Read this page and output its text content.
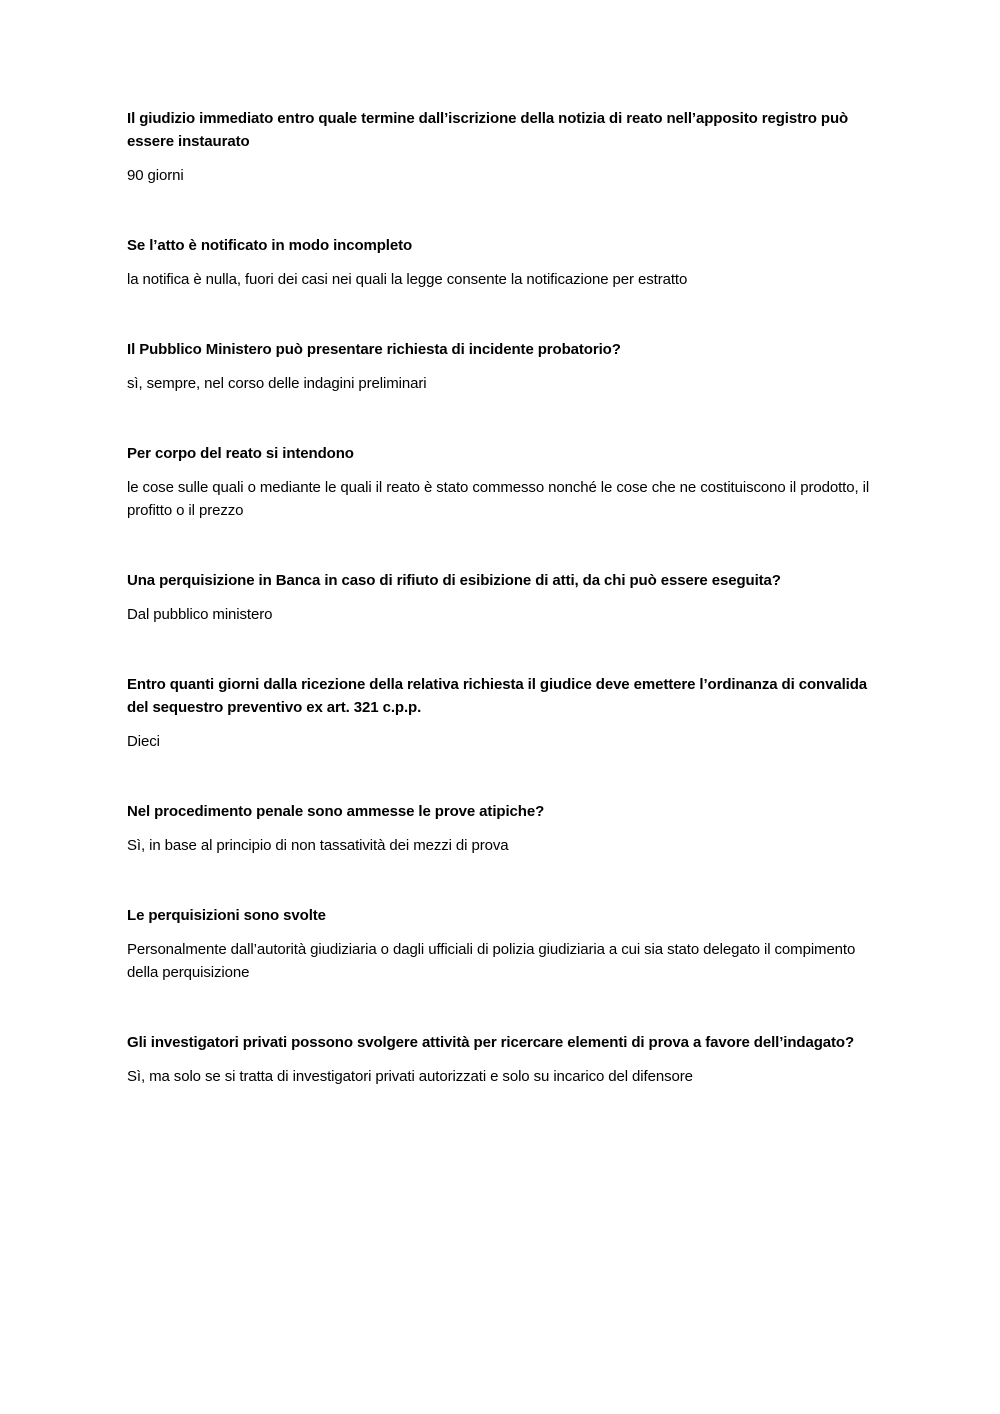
Il giudizio immediato entro quale termine dall’iscrizione della notizia di reato nell’apposito registro può essere instaurato

90 giorni

Se l’atto è notificato in modo incompleto

la notifica è nulla, fuori dei casi nei quali la legge consente la notificazione per estratto

Il Pubblico Ministero può presentare richiesta di incidente probatorio?

sì, sempre, nel corso delle indagini preliminari

Per corpo del reato si intendono

le cose sulle quali o mediante le quali il reato è stato commesso nonché le cose che ne costituiscono il prodotto, il profitto o il prezzo

Una perquisizione in Banca in caso di rifiuto di esibizione di atti, da chi può essere eseguita?

Dal pubblico ministero

Entro quanti giorni dalla ricezione della relativa richiesta il giudice deve emettere l’ordinanza di convalida del sequestro preventivo ex art. 321 c.p.p.

Dieci

Nel procedimento penale sono ammesse le prove atipiche?

Sì, in base al principio di non tassatività dei mezzi di prova

Le perquisizioni sono svolte

Personalmente dall’autorità giudiziaria o dagli ufficiali di polizia giudiziaria a cui sia stato delegato il compimento della perquisizione

Gli investigatori privati possono svolgere attività per ricercare elementi di prova a favore dell’indagato?

Sì, ma solo se si tratta di investigatori privati autorizzati e solo su incarico del difensore
